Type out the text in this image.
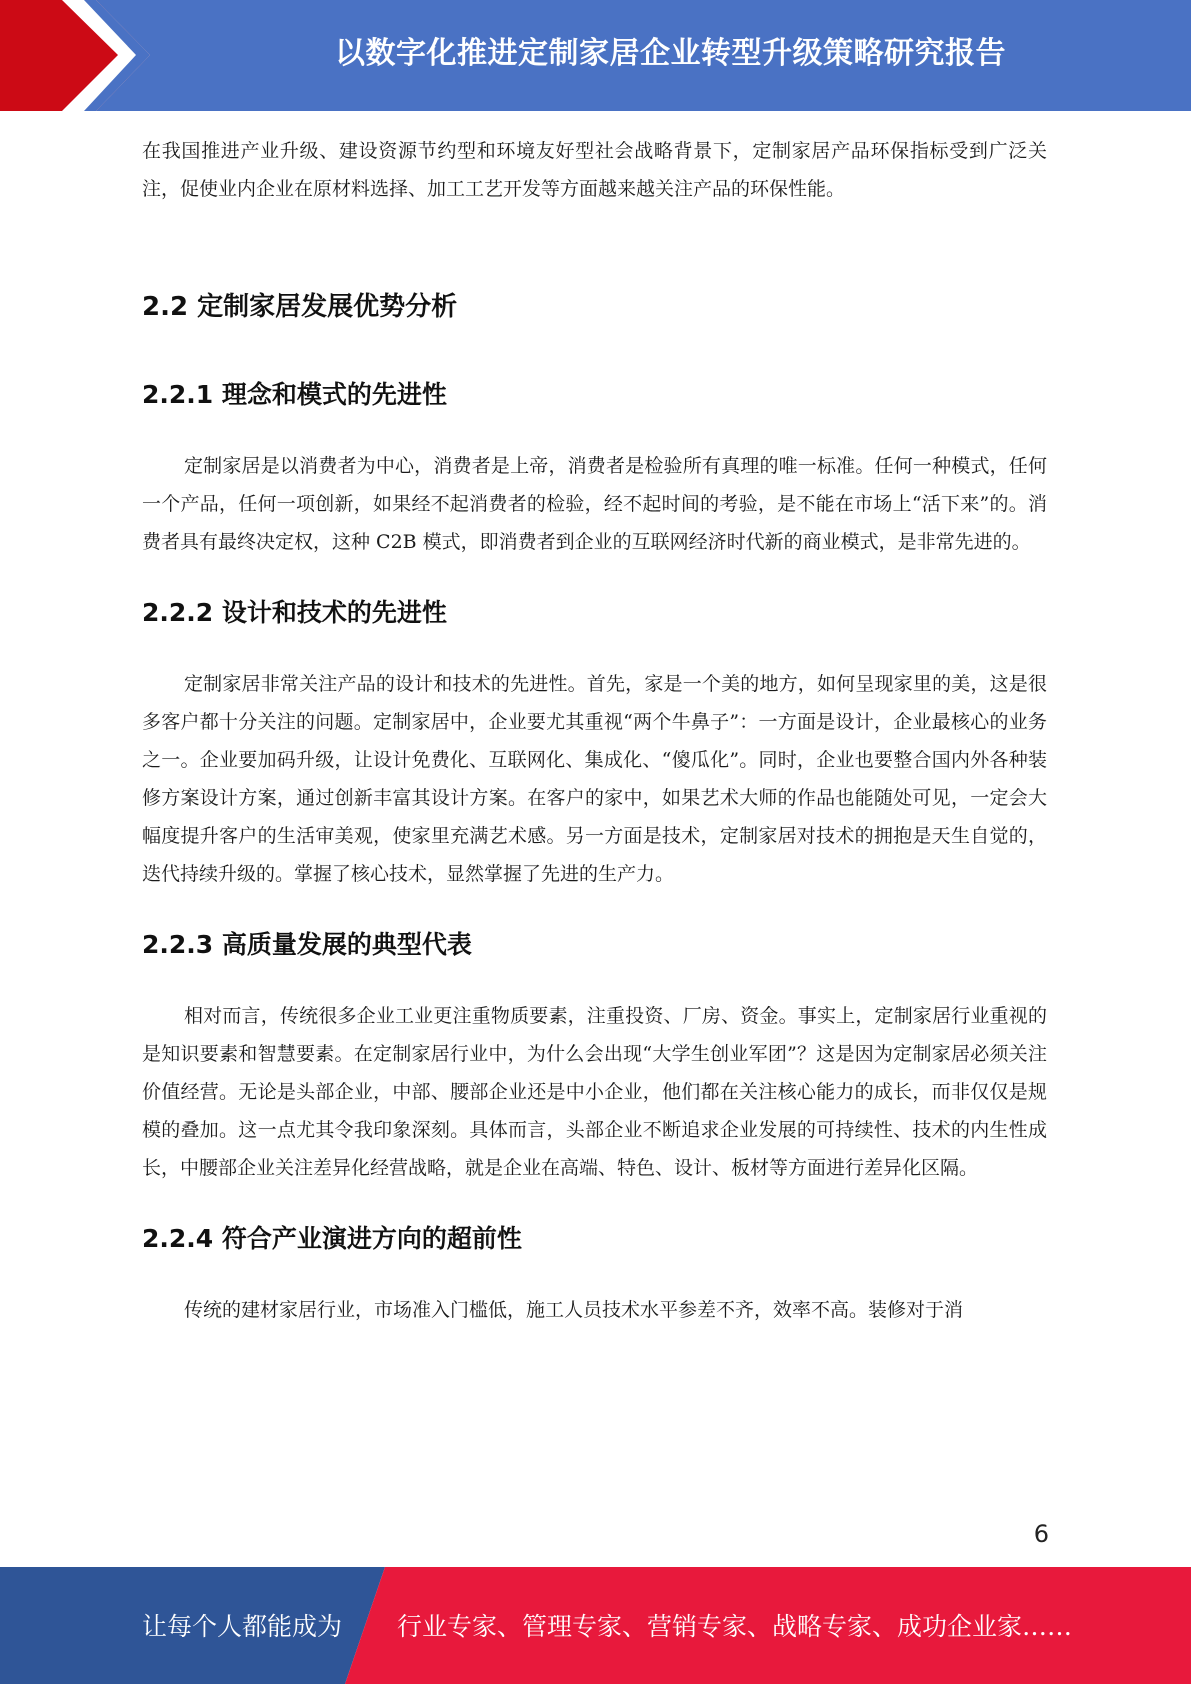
以数字化推进定制家居企业转型升级策略研究报告

在我国推进产业升级、建设资源节约型和环境友好型社会战略背景下，定制家居产品环保指标受到广泛关注，促使业内企业在原材料选择、加工工艺开发等方面越来越关注产品的环保性能。

2.2 定制家居发展优势分析
2.2.1 理念和模式的先进性

定制家居是以消费者为中心，消费者是上帝，消费者是检验所有真理的唯一标准。任何一种模式，任何一个产品，任何一项创新，如果经不起消费者的检验，经不起时间的考验，是不能在市场上“活下来”的。消费者具有最终决定权，这种 C2B 模式，即消费者到企业的互联网经济时代新的商业模式，是非常先进的。

2.2.2 设计和技术的先进性

定制家居非常关注产品的设计和技术的先进性。首先，家是一个美的地方，如何呈现家里的美，这是很多客户都十分关注的问题。定制家居中，企业要尤其重视“两个牛鼻子”：一方面是设计，企业最核心的业务之一。企业要加码升级，让设计免费化、互联网化、集成化、“傻瓜化”。同时，企业也要整合国内外各种装修方案设计方案，通过创新丰富其设计方案。在客户的家中，如果艺术大师的作品也能随处可见，一定会大幅度提升客户的生活审美观，使家里充满艺术感。另一方面是技术，定制家居对技术的拥抱是天生自觉的，迭代持续升级的。掌握了核心技术，显然掌握了先进的生产力。

2.2.3 高质量发展的典型代表

相对而言，传统很多企业工业更注重物质要素，注重投资、厂房、资金。事实上，定制家居行业重视的是知识要素和智慧要素。在定制家居行业中，为什么会出现“大学生创业军团”？这是因为定制家居必须关注价值经营。无论是头部企业，中部、腰部企业还是中小企业，他们都在关注核心能力的成长，而非仅仅是规模的叠加。这一点尤其令我印象深刻。具体而言，头部企业不断追求企业发展的可持续性、技术的内生性成长，中腰部企业关注差异化经营战略，就是企业在高端、特色、设计、板材等方面进行差异化区隔。

2.2.4 符合产业演进方向的超前性

传统的建材家居行业，市场准入门槛低，施工人员技术水平参差不齐，效率不高。装修对于消

6
让每个人都能成为 行业专家、管理专家、营销专家、战略专家、成功企业家……
